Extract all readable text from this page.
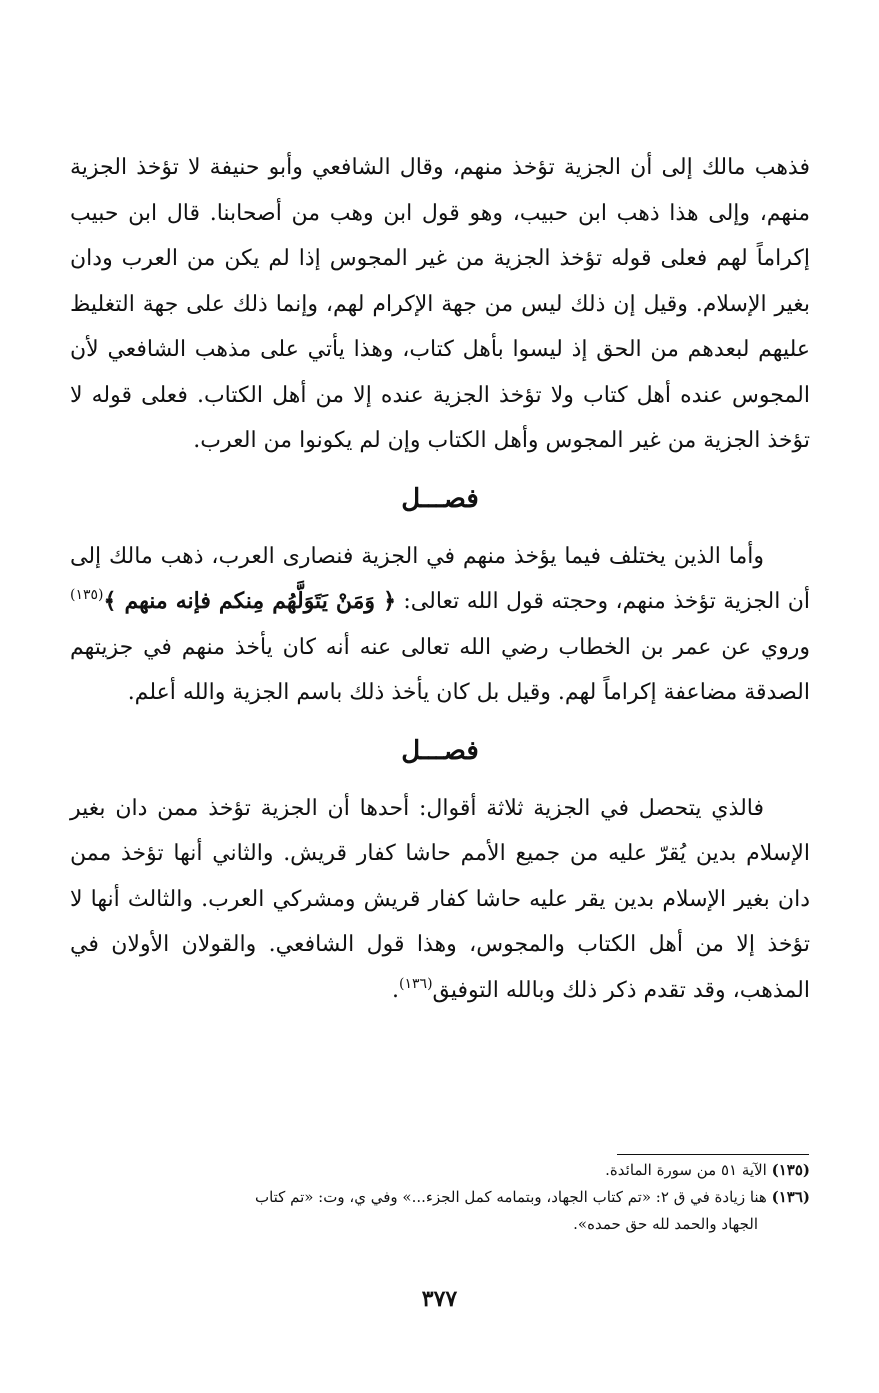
فذهب مالك إلى أن الجزية تؤخذ منهم، وقال الشافعي وأبو حنيفة لا تؤخذ الجزية منهم، وإلى هذا ذهب ابن حبيب، وهو قول ابن وهب من أصحابنا. قال ابن حبيب إكراماً لهم فعلى قوله تؤخذ الجزية من غير المجوس إذا لم يكن من العرب ودان بغير الإسلام. وقيل إن ذلك ليس من جهة الإكرام لهم، وإنما ذلك على جهة التغليظ عليهم لبعدهم من الحق إذ ليسوا بأهل كتاب، وهذا يأتي على مذهب الشافعي لأن المجوس عنده أهل كتاب ولا تؤخذ الجزية عنده إلا من أهل الكتاب. فعلى قوله لا تؤخذ الجزية من غير المجوس وأهل الكتاب وإن لم يكونوا من العرب.

فصـــل

وأما الذين يختلف فيما يؤخذ منهم في الجزية فنصارى العرب، ذهب مالك إلى أن الجزية تؤخذ منهم، وحجته قول الله تعالى: ﴿ وَمَنْ يَتَوَلَّهُم مِنكم فإنه منهم ﴾$^{(١٣٥)}$ وروي عن عمر بن الخطاب رضي الله تعالى عنه أنه كان يأخذ منهم في جزيتهم الصدقة مضاعفة إكراماً لهم. وقيل بل كان يأخذ ذلك باسم الجزية والله أعلم.

فصـــل

فالذي يتحصل في الجزية ثلاثة أقوال: أحدها أن الجزية تؤخذ ممن دان بغير الإسلام بدين يُقرّ عليه من جميع الأمم حاشا كفار قريش. والثاني أنها تؤخذ ممن دان بغير الإسلام بدين يقر عليه حاشا كفار قريش ومشركي العرب. والثالث أنها لا تؤخذ إلا من أهل الكتاب والمجوس، وهذا قول الشافعي. والقولان الأولان في المذهب، وقد تقدم ذكر ذلك وبالله التوفيق$^{(١٣٦)}$.

(١٣٥) الآية ٥١ من سورة المائدة.

(١٣٦) هنا زيادة في ق ٢: «تم كتاب الجهاد، وبتمامه كمل الجزء...» وفي ي، وت: «تم كتاب

الجهاد والحمد لله حق حمده».

٣٧٧
